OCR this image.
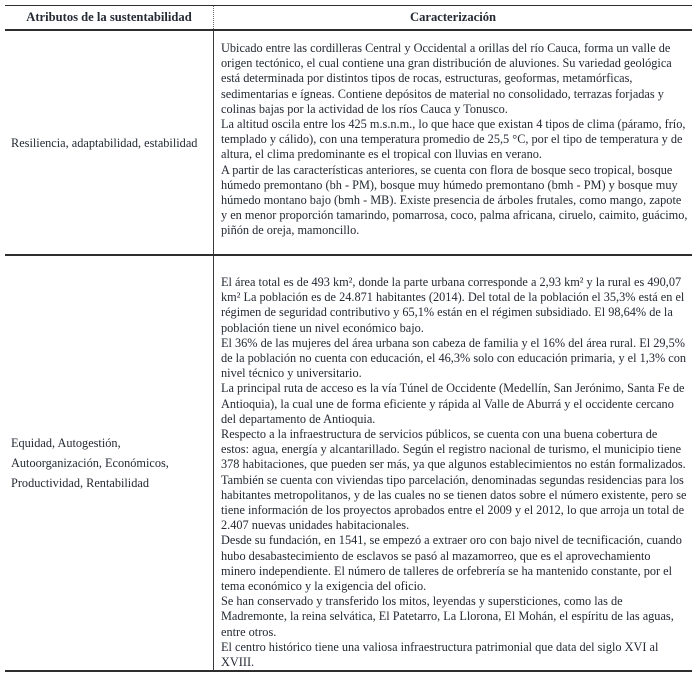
Atributos de la sustentabilidad	Caracterización
Resiliencia, adaptabilidad, estabilidad

Ubicado entre las cordilleras Central y Occidental a orillas del río Cauca, forma un valle de origen tectónico, el cual contiene una gran distribución de aluviones. Su variedad geológica está determinada por distintos tipos de rocas, estructuras, geoformas, metamórficas, sedimentarias e ígneas. Contiene depósitos de material no consolidado, terrazas forjadas y colinas bajas por la actividad de los ríos Cauca y Tonusco.

La altitud oscila entre los 425 m.s.n.m., lo que hace que existan 4 tipos de clima (páramo, frío, templado y cálido), con una temperatura promedio de 25,5 °C, por el tipo de temperatura y de altura, el clima predominante es el tropical con lluvias en verano.

A partir de las características anteriores, se cuenta con flora de bosque seco tropical, bosque húmedo premontano (bh - PM), bosque muy húmedo premontano (bmh - PM) y bosque muy húmedo montano bajo (bmh - MB). Existe presencia de árboles frutales, como mango, zapote y en menor proporción tamarindo, pomarrosa, coco, palma africana, ciruelo, caimito, guácimo, piñón de oreja, mamoncillo.

Equidad, Autogestión, Autoorganización, Económicos, Productividad, Rentabilidad

El área total es de 493 km², donde la parte urbana corresponde a 2,93 km² y la rural es 490,07 km² La población es de 24.871 habitantes (2014). Del total de la población el 35,3% está en el régimen de seguridad contributivo y 65,1% están en el régimen subsidiado. El 98,64% de la población tiene un nivel económico bajo.

El 36% de las mujeres del área urbana son cabeza de familia y el 16% del área rural. El 29,5% de la población no cuenta con educación, el 46,3% solo con educación primaria, y el 1,3% con nivel técnico y universitario.

La principal ruta de acceso es la vía Túnel de Occidente (Medellín, San Jerónimo, Santa Fe de Antioquia), la cual une de forma eficiente y rápida al Valle de Aburrá y el occidente cercano del departamento de Antioquia.

Respecto a la infraestructura de servicios públicos, se cuenta con una buena cobertura de estos: agua, energía y alcantarillado. Según el registro nacional de turismo, el municipio tiene 378 habitaciones, que pueden ser más, ya que algunos establecimientos no están formalizados. También se cuenta con viviendas tipo parcelación, denominadas segundas residencias para los habitantes metropolitanos, y de las cuales no se tienen datos sobre el número existente, pero se tiene información de los proyectos aprobados entre el 2009 y el 2012, lo que arroja un total de 2.407 nuevas unidades habitacionales.

Desde su fundación, en 1541, se empezó a extraer oro con bajo nivel de tecnificación, cuando hubo desabastecimiento de esclavos se pasó al mazamorreo, que es el aprovechamiento minero independiente. El número de talleres de orfebrería se ha mantenido constante, por el tema económico y la exigencia del oficio.

Se han conservado y transferido los mitos, leyendas y supersticiones, como las de Madremonte, la reina selvática, El Patetarro, La Llorona, El Mohán, el espíritu de las aguas, entre otros.

El centro histórico tiene una valiosa infraestructura patrimonial que data del siglo XVI al XVIII.
